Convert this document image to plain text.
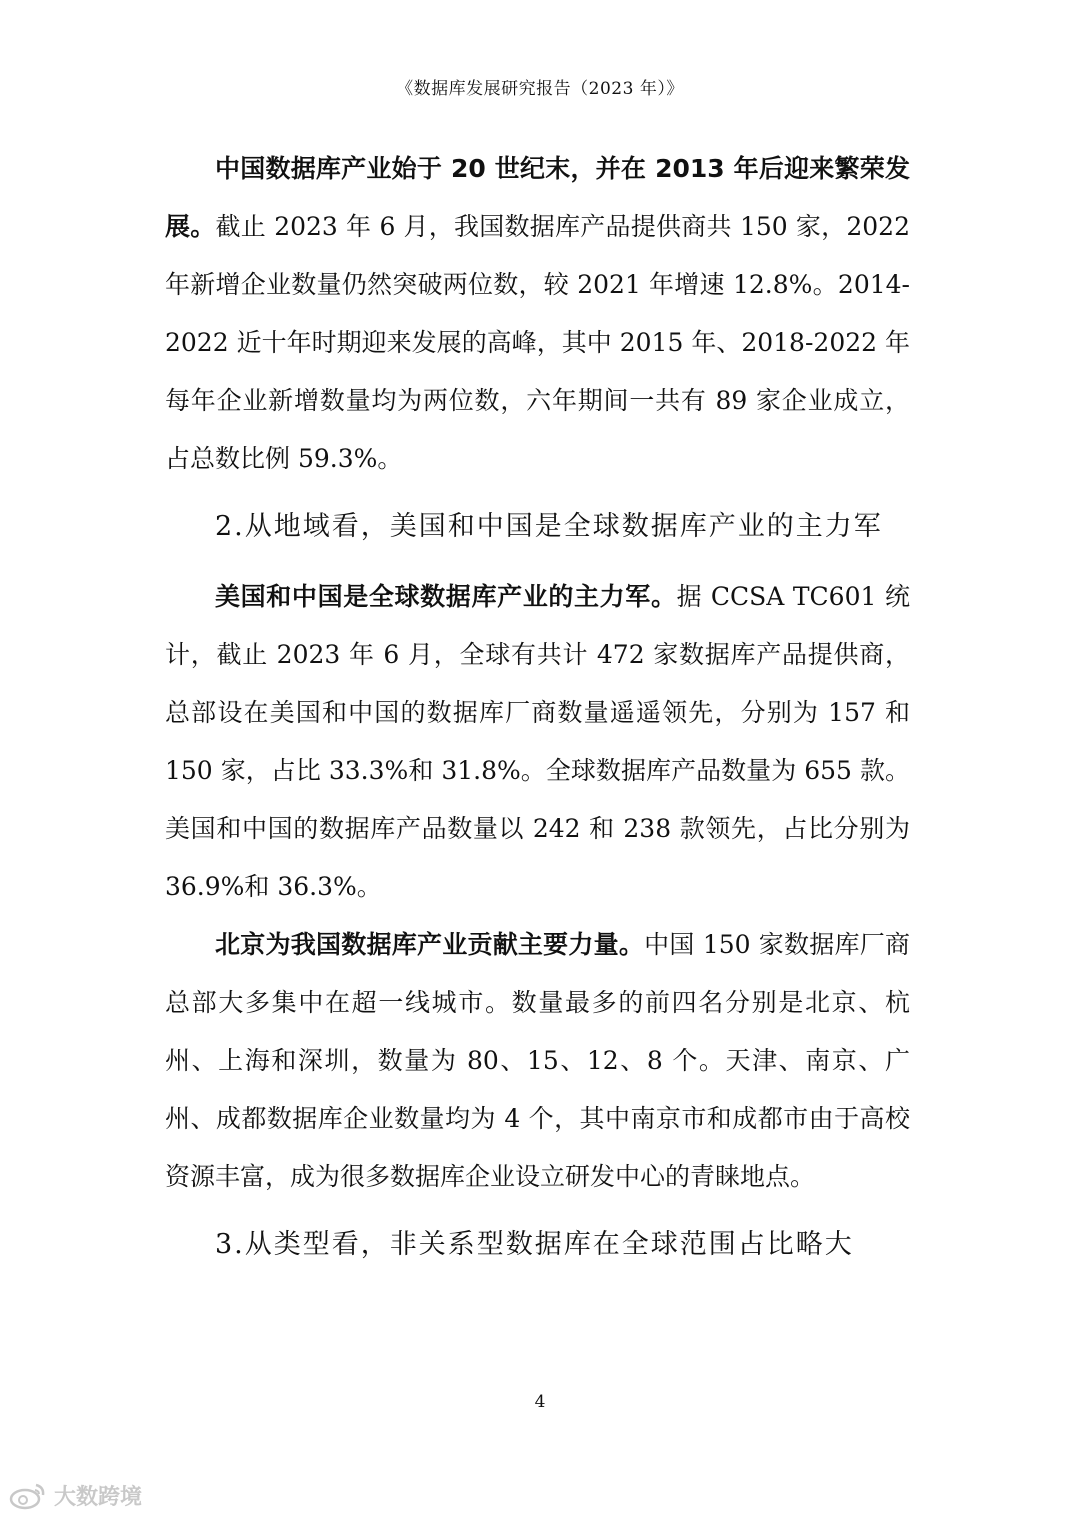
《数据库发展研究报告（2023 年）》

中国数据库产业始于 20 世纪末，并在 2013 年后迎来繁荣发展。截止 2023 年 6 月，我国数据库产品提供商共 150 家，2022 年新增企业数量仍然突破两位数，较 2021 年增速 12.8%。2014-2022 近十年时期迎来发展的高峰，其中 2015 年、2018-2022 年每年企业新增数量均为两位数，六年期间一共有 89 家企业成立，占总数比例 59.3%。

2.从地域看，美国和中国是全球数据库产业的主力军

美国和中国是全球数据库产业的主力军。据 CCSA TC601 统计，截止 2023 年 6 月，全球有共计 472 家数据库产品提供商，总部设在美国和中国的数据库厂商数量遥遥领先，分别为 157 和 150 家，占比 33.3%和 31.8%。全球数据库产品数量为 655 款。美国和中国的数据库产品数量以 242 和 238 款领先，占比分别为 36.9%和 36.3%。

北京为我国数据库产业贡献主要力量。中国 150 家数据库厂商总部大多集中在超一线城市。数量最多的前四名分别是北京、杭州、上海和深圳，数量为 80、15、12、8 个。天津、南京、广州、成都数据库企业数量均为 4 个，其中南京市和成都市由于高校资源丰富，成为很多数据库企业设立研发中心的青睐地点。

3.从类型看，非关系型数据库在全球范围占比略大
4
大数跨境
